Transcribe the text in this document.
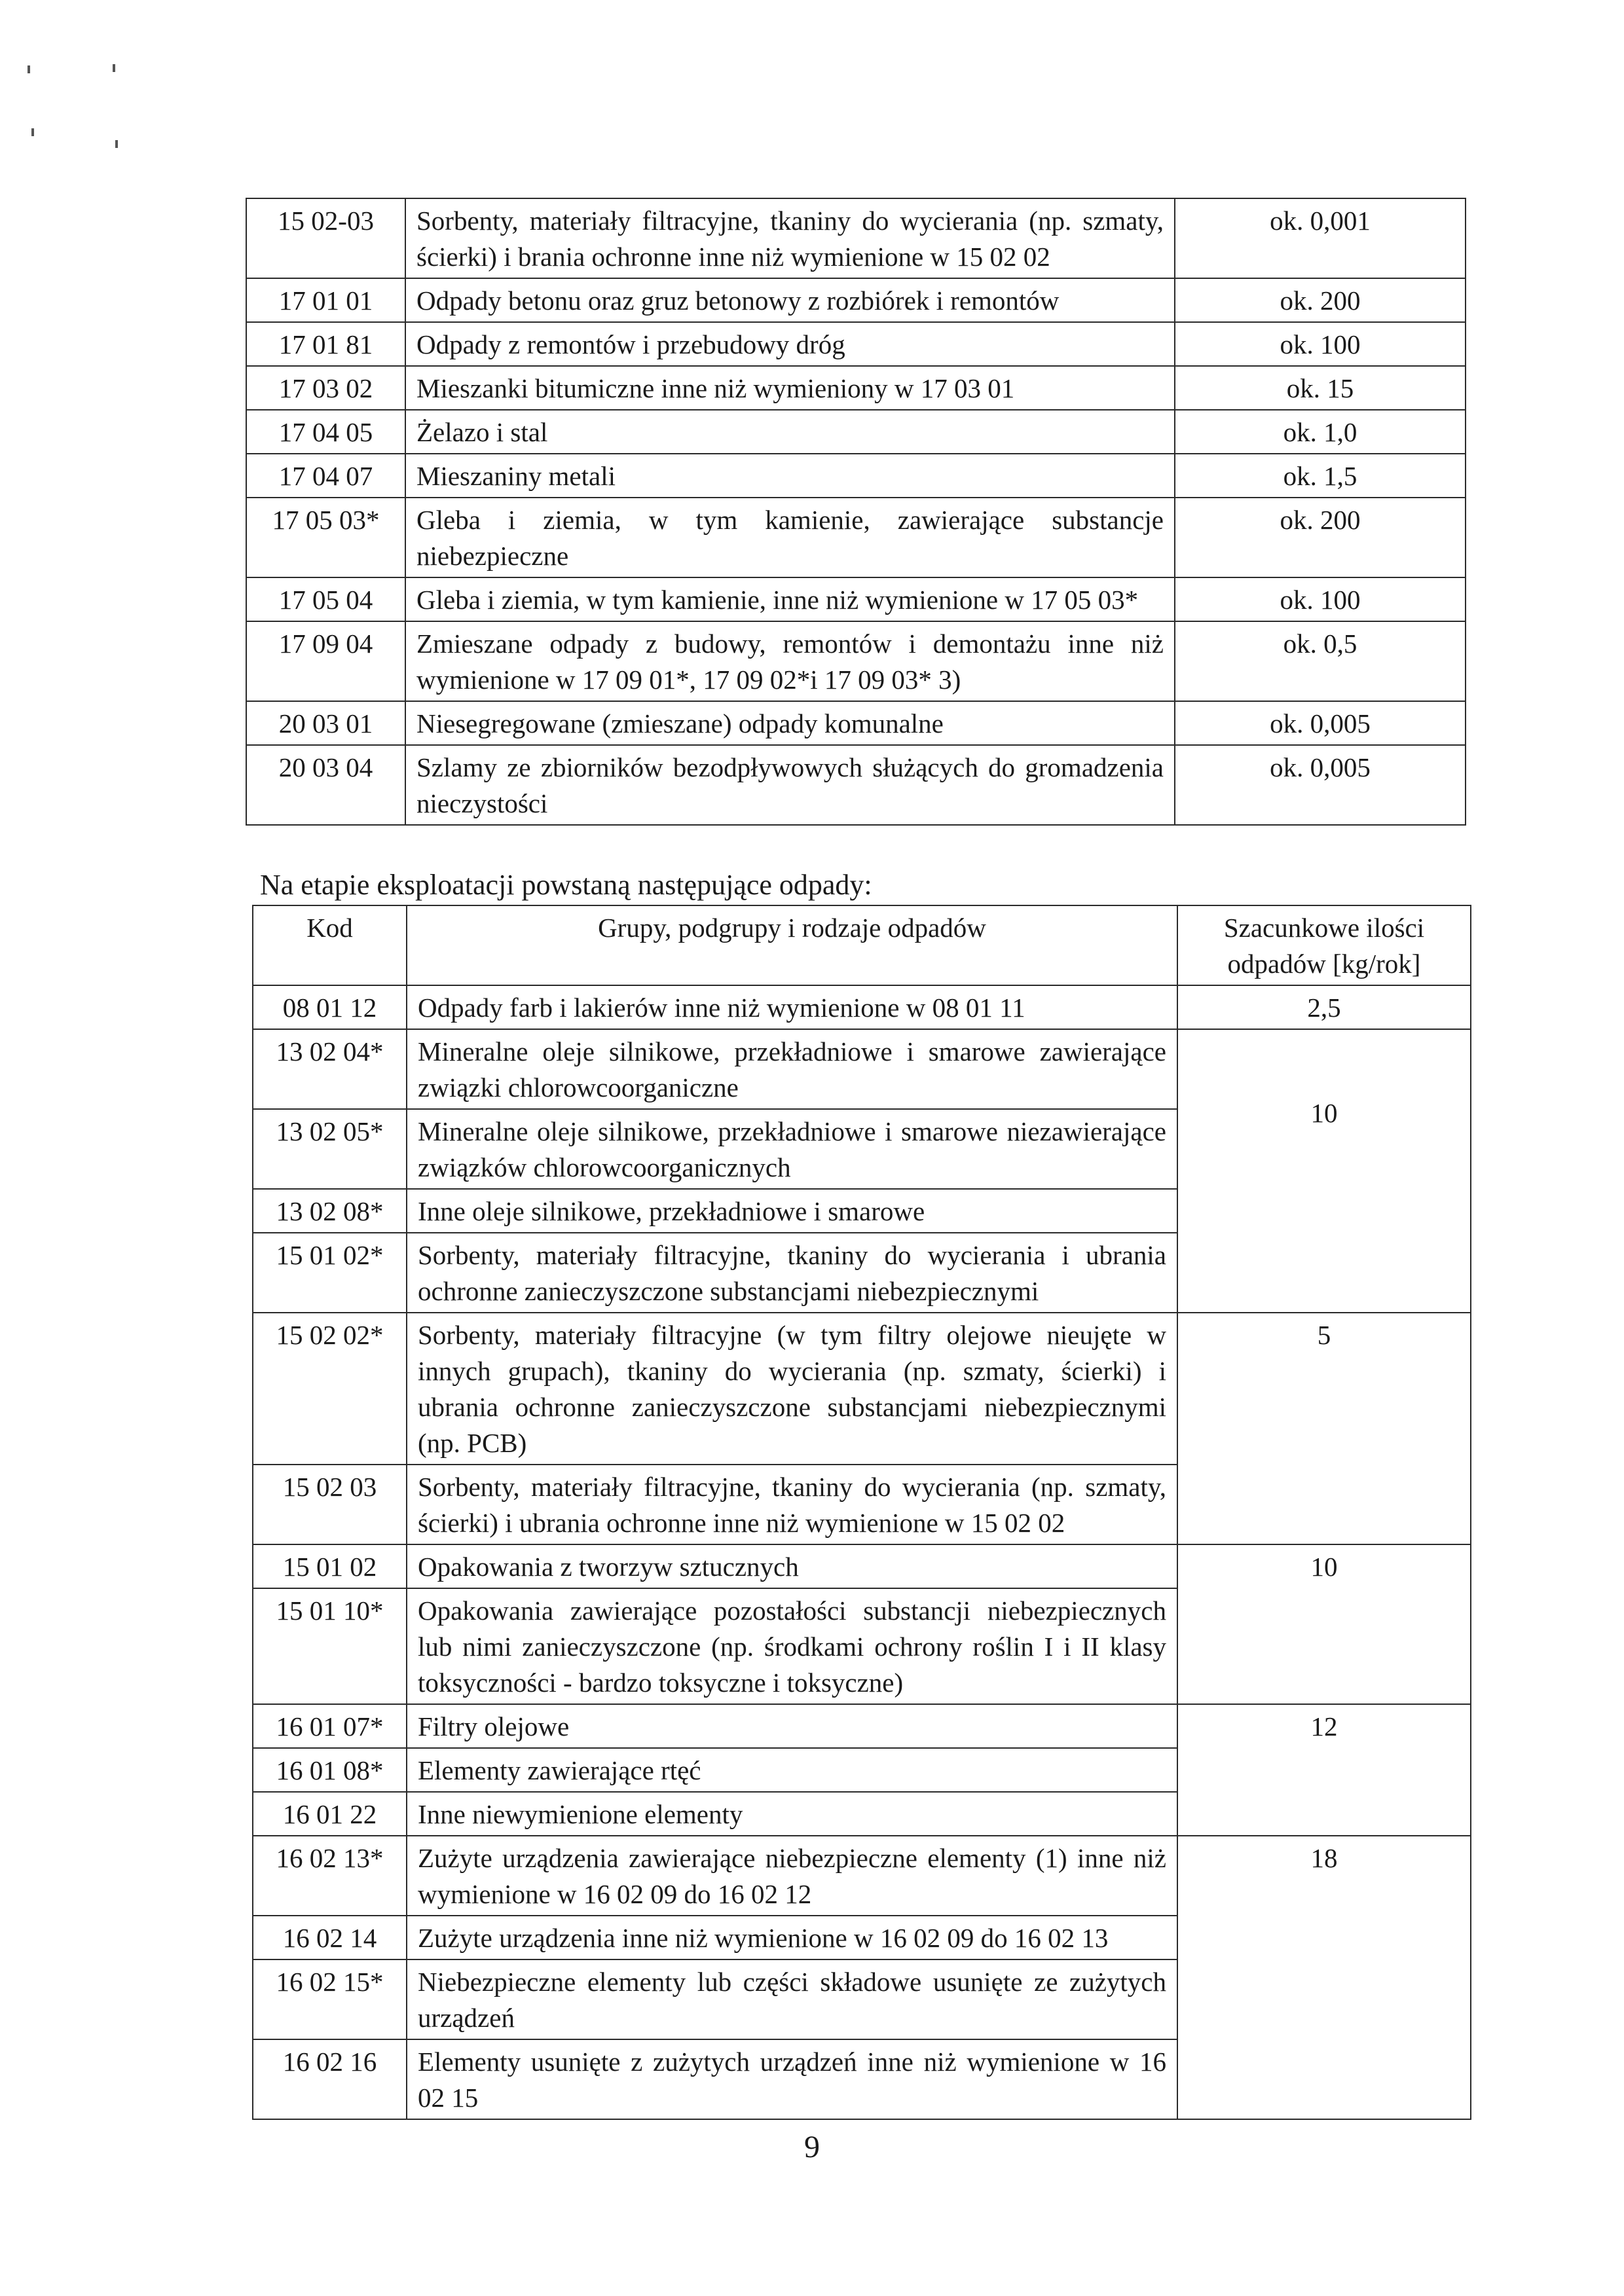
15 02-03	Sorbenty, materiały filtracyjne, tkaniny do wycierania (np. szmaty, ścierki) i brania ochronne inne niż wymienione w 15 02 02	ok. 0,001
17 01 01	Odpady betonu oraz gruz betonowy z rozbiórek i remontów	ok. 200
17 01 81	Odpady z remontów i przebudowy dróg	ok. 100
17 03 02	Mieszanki bitumiczne inne niż wymieniony w 17 03 01	ok. 15
17 04 05	Żelazo i stal	ok. 1,0
17 04 07	Mieszaniny metali	ok. 1,5
17 05 03*	Gleba i ziemia, w tym kamienie, zawierające substancje niebezpieczne	ok. 200
17 05 04	Gleba i ziemia, w tym kamienie, inne niż wymienione w 17 05 03*	ok. 100
17 09 04	Zmieszane odpady z budowy, remontów i demontażu inne niż wymienione w 17 09 01*, 17 09 02*i 17 09 03* 3)	ok. 0,5
20 03 01	Niesegregowane (zmieszane) odpady komunalne	ok. 0,005
20 03 04	Szlamy ze zbiorników bezodpływowych służących do gromadzenia nieczystości	ok. 0,005
Na etapie eksploatacji powstaną następujące odpady:
Kod	Grupy, podgrupy i rodzaje odpadów	Szacunkowe ilości odpadów [kg/rok]
08 01 12	Odpady farb i lakierów inne niż wymienione w 08 01 11	2,5
13 02 04*	Mineralne oleje silnikowe, przekładniowe i smarowe zawierające związki chlorowcoorganiczne	10
13 02 05*	Mineralne oleje silnikowe, przekładniowe i smarowe niezawierające związków chlorowcoorganicznych	
13 02 08*	Inne oleje silnikowe, przekładniowe i smarowe	
15 01 02*	Sorbenty, materiały filtracyjne, tkaniny do wycierania i ubrania ochronne zanieczyszczone substancjami niebezpiecznymi	
15 02 02*	Sorbenty, materiały filtracyjne (w tym filtry olejowe nieujęte w innych grupach), tkaniny do wycierania (np. szmaty, ścierki) i ubrania ochronne zanieczyszczone substancjami niebezpiecznymi (np. PCB)	5
15 02 03	Sorbenty, materiały filtracyjne, tkaniny do wycierania (np. szmaty, ścierki) i ubrania ochronne inne niż wymienione w 15 02 02	
15 01 02	Opakowania z tworzyw sztucznych	10
15 01 10*	Opakowania zawierające pozostałości substancji niebezpiecznych lub nimi zanieczyszczone (np. środkami ochrony roślin I i II klasy toksyczności - bardzo toksyczne i toksyczne)	
16 01 07*	Filtry olejowe	12
16 01 08*	Elementy zawierające rtęć	
16 01 22	Inne niewymienione elementy	
16 02 13*	Zużyte urządzenia zawierające niebezpieczne elementy (1) inne niż wymienione w 16 02 09 do 16 02 12	18
16 02 14	Zużyte urządzenia inne niż wymienione w 16 02 09 do 16 02 13	
16 02 15*	Niebezpieczne elementy lub części składowe usunięte ze zużytych urządzeń	
16 02 16	Elementy usunięte z zużytych urządzeń inne niż wymienione w 16 02 15	
9
